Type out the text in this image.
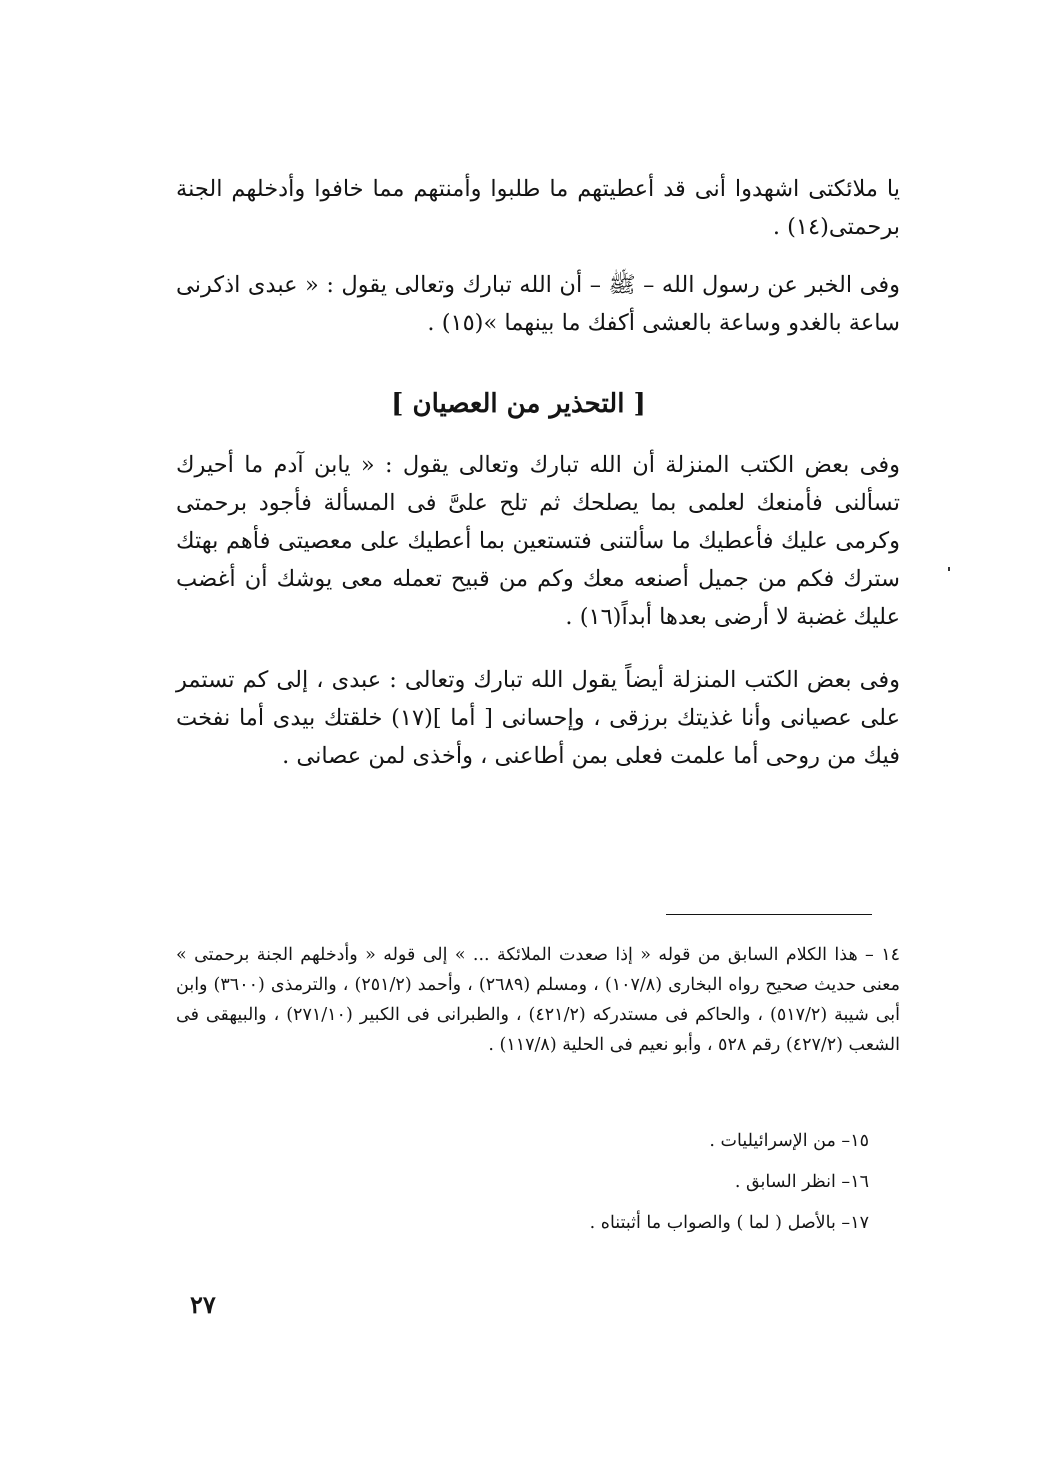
يا ملائكتى اشهدوا أنى قد أعطيتهم ما طلبوا وأمنتهم مما خافوا وأدخلهم الجنة برحمتى(١٤) .

وفى الخبر عن رسول الله – ﷺ – أن الله تبارك وتعالى يقول : « عبدى اذكرنى ساعة بالغدو وساعة بالعشى أكفك ما بينهما »(١٥) .

[ التحذير من العصيان ]

وفى بعض الكتب المنزلة أن الله تبارك وتعالى يقول : « يابن آدم ما أحيرك تسألنى فأمنعك لعلمى بما يصلحك ثم تلح علىَّ فى المسألة فأجود برحمتى وكرمى عليك فأعطيك ما سألتنى فتستعين بما أعطيك على معصيتى فأهم بهتك سترك فكم من جميل أصنعه معك وكم من قبيح تعمله معى يوشك أن أغضب عليك غضبة لا أرضى بعدها أبداً(١٦) .

وفى بعض الكتب المنزلة أيضاً يقول الله تبارك وتعالى : عبدى ، إلى كم تستمر على عصيانى وأنا غذيتك برزقى ، وإحسانى [ أما ](١٧) خلقتك بيدى أما نفخت فيك من روحى أما علمت فعلى بمن أطاعنى ، وأخذى لمن عصانى .

١٤ – هذا الكلام السابق من قوله « إذا صعدت الملائكة ... » إلى قوله « وأدخلهم الجنة برحمتى » معنى حديث صحيح رواه البخارى (١٠٧/٨) ، ومسلم (٢٦٨٩) ، وأحمد (٢٥١/٢) ، والترمذى (٣٦٠٠) وابن أبى شيبة (٥١٧/٢) ، والحاكم فى مستدركه (٤٢١/٢) ، والطبرانى فى الكبير (٢٧١/١٠) ، والبيهقى فى الشعب (٤٢٧/٢) رقم ٥٢٨ ، وأبو نعيم فى الحلية (١١٧/٨) .

١٥– من الإسرائيليات .
١٦– انظر السابق .
١٧– بالأصل ( لما ) والصواب ما أثبتناه .
٢٧
